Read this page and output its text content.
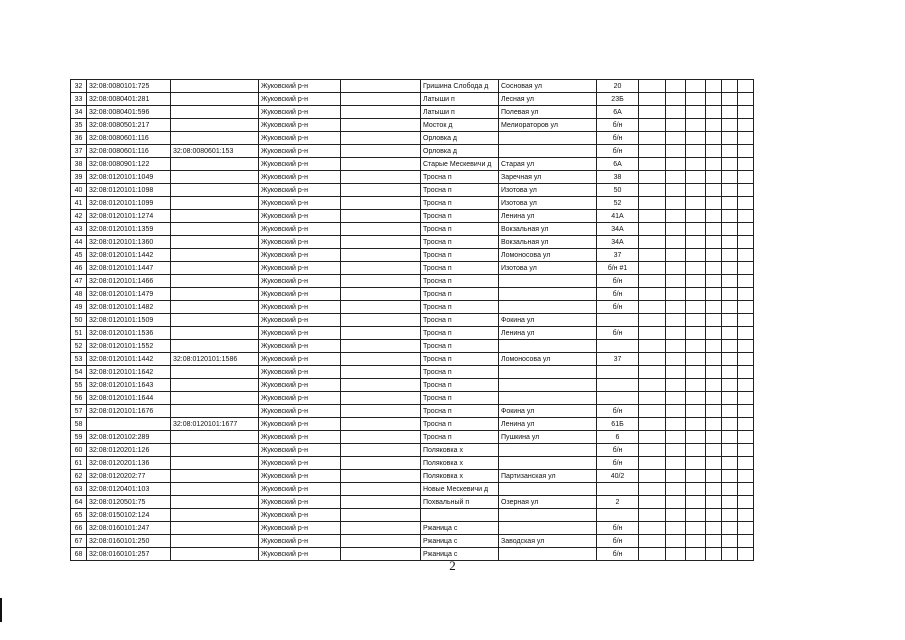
32	32:08:0080101:725		Жуковский р-н		Гришина Слобода д	Сосновая ул	20						
33	32:08:0080401:281		Жуковский р-н		Латыши п	Лесная ул	23Б						
34	32:08:0080401:596		Жуковский р-н		Латыши п	Полевая ул	6А						
35	32:08:0080501:217		Жуковский р-н		Мосток д	Мелиораторов ул	б/н						
36	32:08:0080601:116		Жуковский р-н		Орловка д		б/н						
37	32:08:0080601:116	32:08:0080601:153	Жуковский р-н		Орловка д		б/н						
38	32:08:0080901:122		Жуковский р-н		Старые Мескевичи д	Старая ул	6А						
39	32:08:0120101:1049		Жуковский р-н		Тросна п	Заречная ул	38						
40	32:08:0120101:1098		Жуковский р-н		Тросна п	Изотова ул	50						
41	32:08:0120101:1099		Жуковский р-н		Тросна п	Изотова ул	52						
42	32:08:0120101:1274		Жуковский р-н		Тросна п	Ленина ул	41А						
43	32:08:0120101:1359		Жуковский р-н		Тросна п	Вокзальная ул	34А						
44	32:08:0120101:1360		Жуковский р-н		Тросна п	Вокзальная ул	34А						
45	32:08:0120101:1442		Жуковский р-н		Тросна п	Ломоносова ул	37						
46	32:08:0120101:1447		Жуковский р-н		Тросна п	Изотова ул	б/н #1						
47	32:08:0120101:1466		Жуковский р-н		Тросна п		б/н						
48	32:08:0120101:1479		Жуковский р-н		Тросна п		б/н						
49	32:08:0120101:1482		Жуковский р-н		Тросна п		б/н						
50	32:08:0120101:1509		Жуковский р-н		Тросна п	Фокина ул							
51	32:08:0120101:1536		Жуковский р-н		Тросна п	Ленина ул	б/н						
52	32:08:0120101:1552		Жуковский р-н		Тросна п								
53	32:08:0120101:1442	32:08:0120101:1586	Жуковский р-н		Тросна п	Ломоносова ул	37						
54	32:08:0120101:1642		Жуковский р-н		Тросна п								
55	32:08:0120101:1643		Жуковский р-н		Тросна п								
56	32:08:0120101:1644		Жуковский р-н		Тросна п								
57	32:08:0120101:1676		Жуковский р-н		Тросна п	Фокина ул	б/н						
58		32:08:0120101:1677	Жуковский р-н		Тросна п	Ленина ул	61Б						
59	32:08:0120102:289		Жуковский р-н		Тросна п	Пушкина ул	6						
60	32:08:0120201:126		Жуковский р-н		Поляковка х		б/н						
61	32:08:0120201:136		Жуковский р-н		Поляковка х		б/н						
62	32:08:0120202:77		Жуковский р-н		Поляковка х	Партизанская ул	40/2						
63	32:08:0120401:103		Жуковский р-н		Новые Мескевичи д								
64	32:08:0120501:75		Жуковский р-н		Похвальный п	Озерная ул	2						
65	32:08:0150102:124		Жуковский р-н										
66	32:08:0160101:247		Жуковский р-н		Ржаница с		б/н						
67	32:08:0160101:250		Жуковский р-н		Ржаница с	Заводская ул	б/н						
68	32:08:0160101:257		Жуковский р-н		Ржаница с		б/н						
2
